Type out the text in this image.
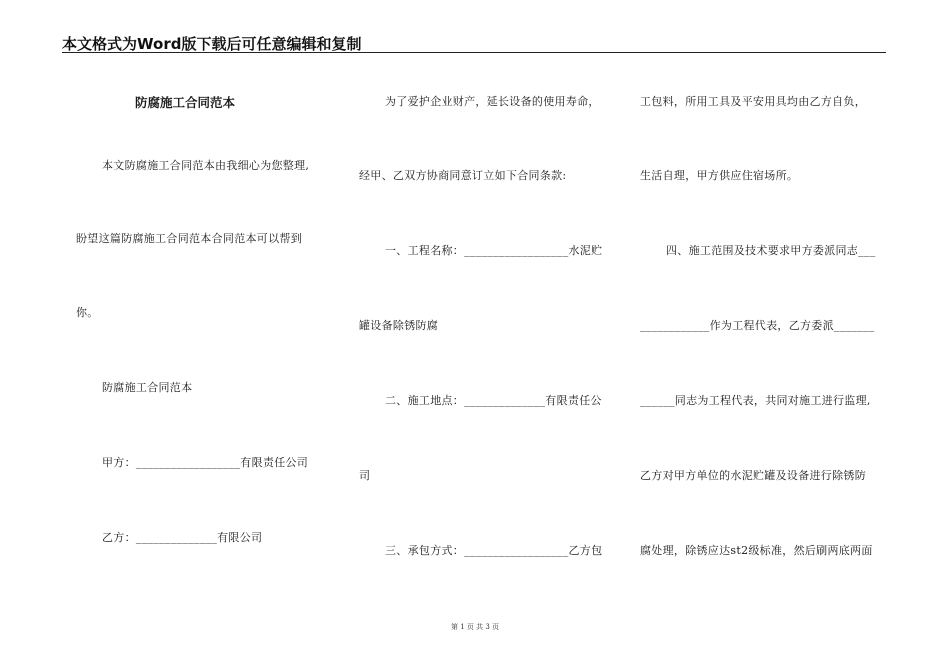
本文格式为Word版下载后可任意编辑和复制
防腐施工合同范本
本文防腐施工合同范本由我细心为您整理,
盼望这篇防腐施工合同范本合同范本可以帮到
你。
防腐施工合同范本
甲方：__________________有限责任公司
乙方：______________有限公司
为了爱护企业财产，延长设备的使用寿命，
经甲、乙双方协商同意订立如下合同条款:
一、工程名称：__________________水泥贮
罐设备除锈防腐
二、施工地点：______________有限责任公
司
三、承包方式：__________________乙方包
工包料，所用工具及平安用具均由乙方自负，
生活自理，甲方供应住宿场所。
四、施工范围及技术要求甲方委派同志___
____________作为工程代表，乙方委派_______
______同志为工程代表，共同对施工进行监理,
乙方对甲方单位的水泥贮罐及设备进行除锈防
腐处理，除锈应达st2级标准，然后刷两底两面
第 1 页 共 3 页
